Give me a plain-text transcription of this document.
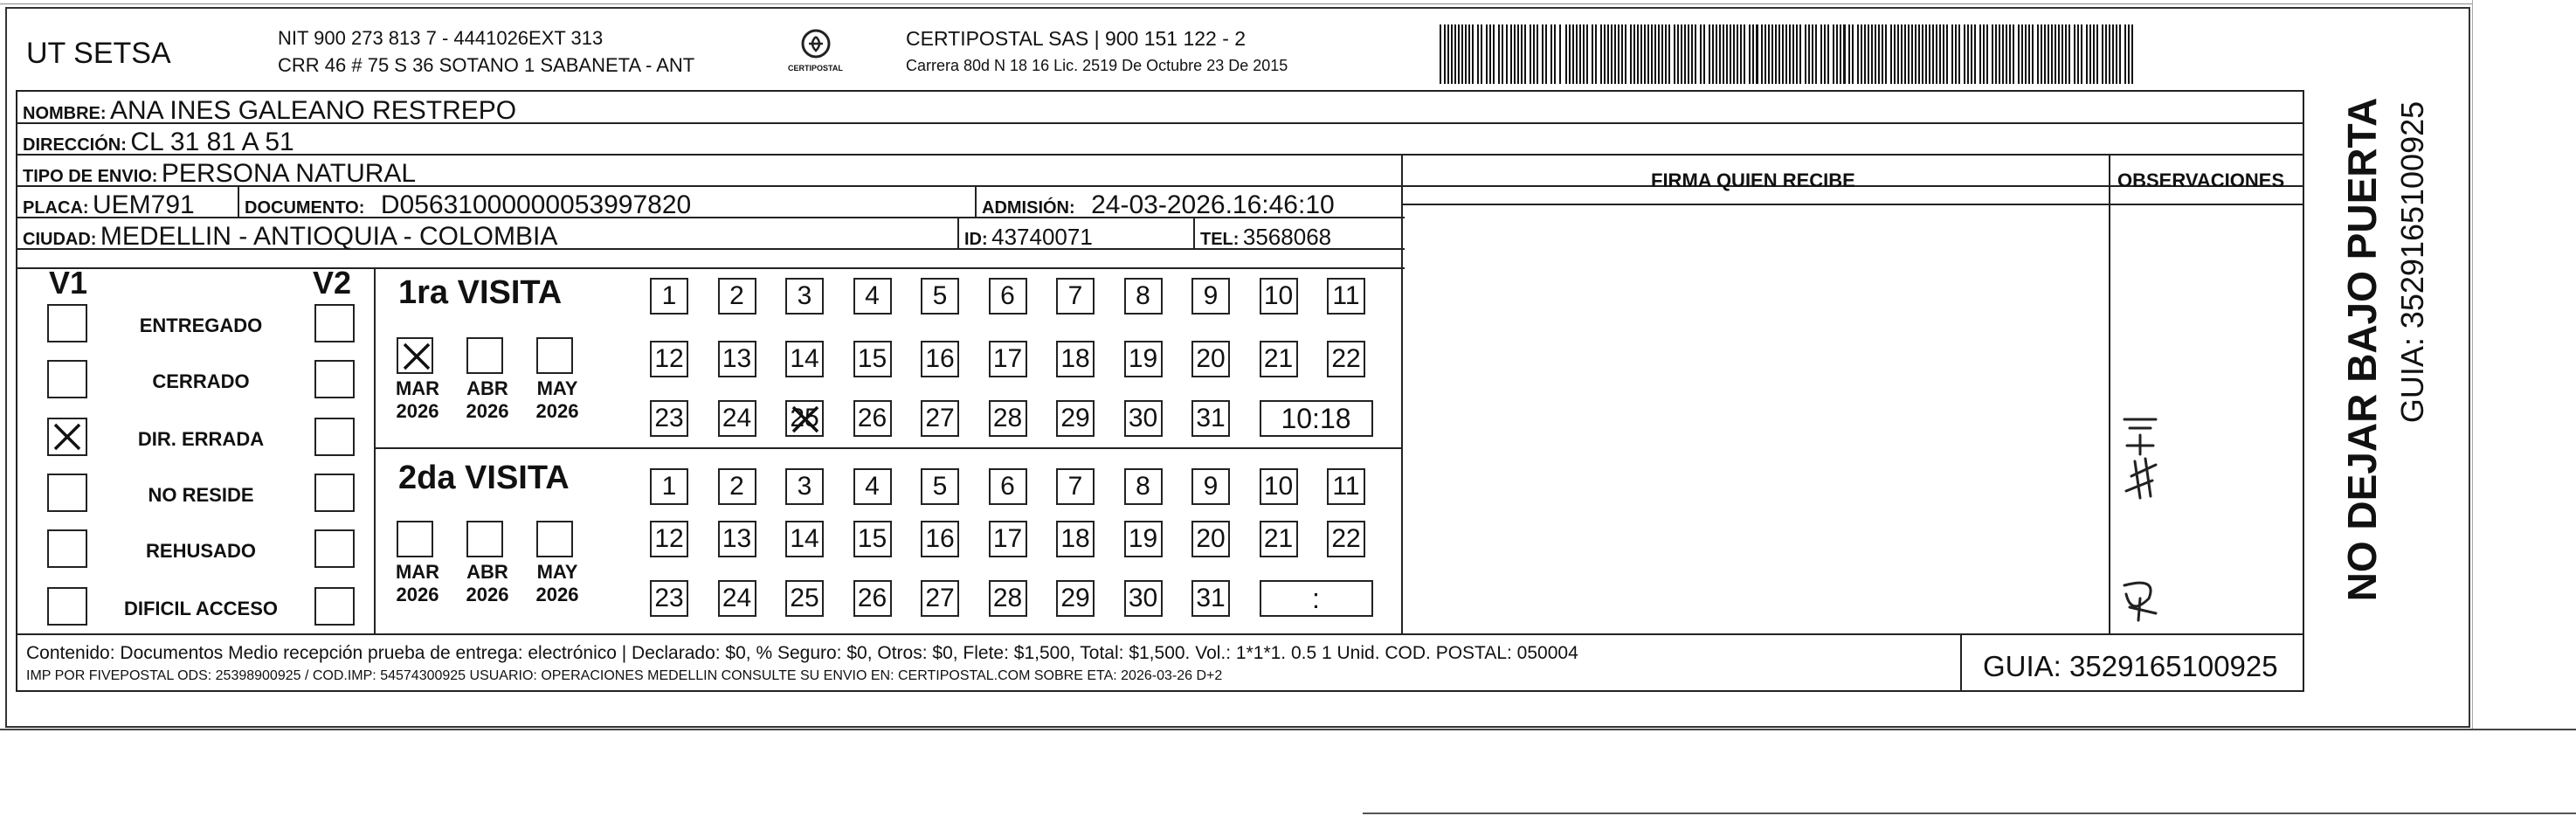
UT SETSA	NIT 900 273 813 7 - 4441026EXT 313
CRR 46 # 75 S 36 SOTANO 1 SABANETA - ANT	CERTIPOSTAL
CERTIPOSTAL SAS | 900 151 122 - 2
Carrera 80d N 18 16 Lic. 2519 De Octubre 23 De 2015
NOMBRE: ANA INES GALEANO RESTREPO
DIRECCIÓN: CL 31 81 A 51
TIPO DE ENVIO: PERSONA NATURAL
PLACA: UEM791	DOCUMENTO: D05631000000053997820	ADMISIÓN: 24-03-2026.16:46:10
CIUDAD: MEDELLIN - ANTIOQUIA - COLOMBIA	ID: 43740071	TEL: 3568068
FIRMA QUIEN RECIBE	OBSERVACIONES
V1	V2
ENTREGADO
CERRADO
DIR. ERRADA
NO RESIDE
REHUSADO
DIFICIL ACCESO
1ra VISITA
MAR
2026
ABR
2026
MAY
2026
1	2	3	4	5	6	7	8	9	10 11
12 13 14 15 16 17 18 19 20 21 22
23 24 25 26 27 28 29 30 31	10:18
2da VISITA
MAR
2026
ABR
2026
MAY
2026
1	2	3	4	5	6	7	8	9	10 11
12 13 14 15 16 17 18 19 20 21 22
23 24 25 26 27 28 29 30 31	:
Contenido: Documentos Medio recepción prueba de entrega: electrónico | Declarado: $0, % Seguro: $0, Otros: $0, Flete: $1,500, Total: $1,500. Vol.: 1*1*1. 0.5 1 Unid. COD. POSTAL: 050004
IMP POR FIVEPOSTAL ODS: 25398900925 / COD.IMP: 54574300925 USUARIO: OPERACIONES MEDELLIN CONSULTE SU ENVIO EN: CERTIPOSTAL.COM SOBRE ETA: 2026-03-26 D+2	GUIA: 3529165100925
NO DEJAR BAJO PUERTA GUIA: 3529165100925
